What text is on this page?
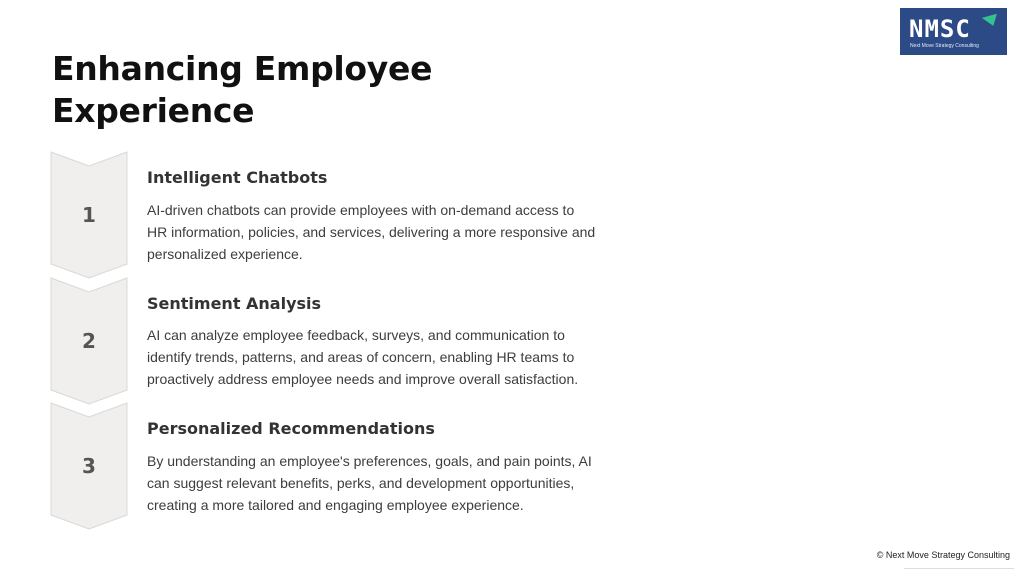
Enhancing Employee
Experience
NMSC
Next Move Strategy Consulting
1
Intelligent Chatbots

AI-driven chatbots can provide employees with on-demand access to HR information, policies, and services, delivering a more responsive and personalized experience.

2
Sentiment Analysis

AI can analyze employee feedback, surveys, and communication to identify trends, patterns, and areas of concern, enabling HR teams to proactively address employee needs and improve overall satisfaction.

3
Personalized Recommendations

By understanding an employee's preferences, goals, and pain points, AI can suggest relevant benefits, perks, and development opportunities, creating a more tailored and engaging employee experience.

© Next Move Strategy Consulting
